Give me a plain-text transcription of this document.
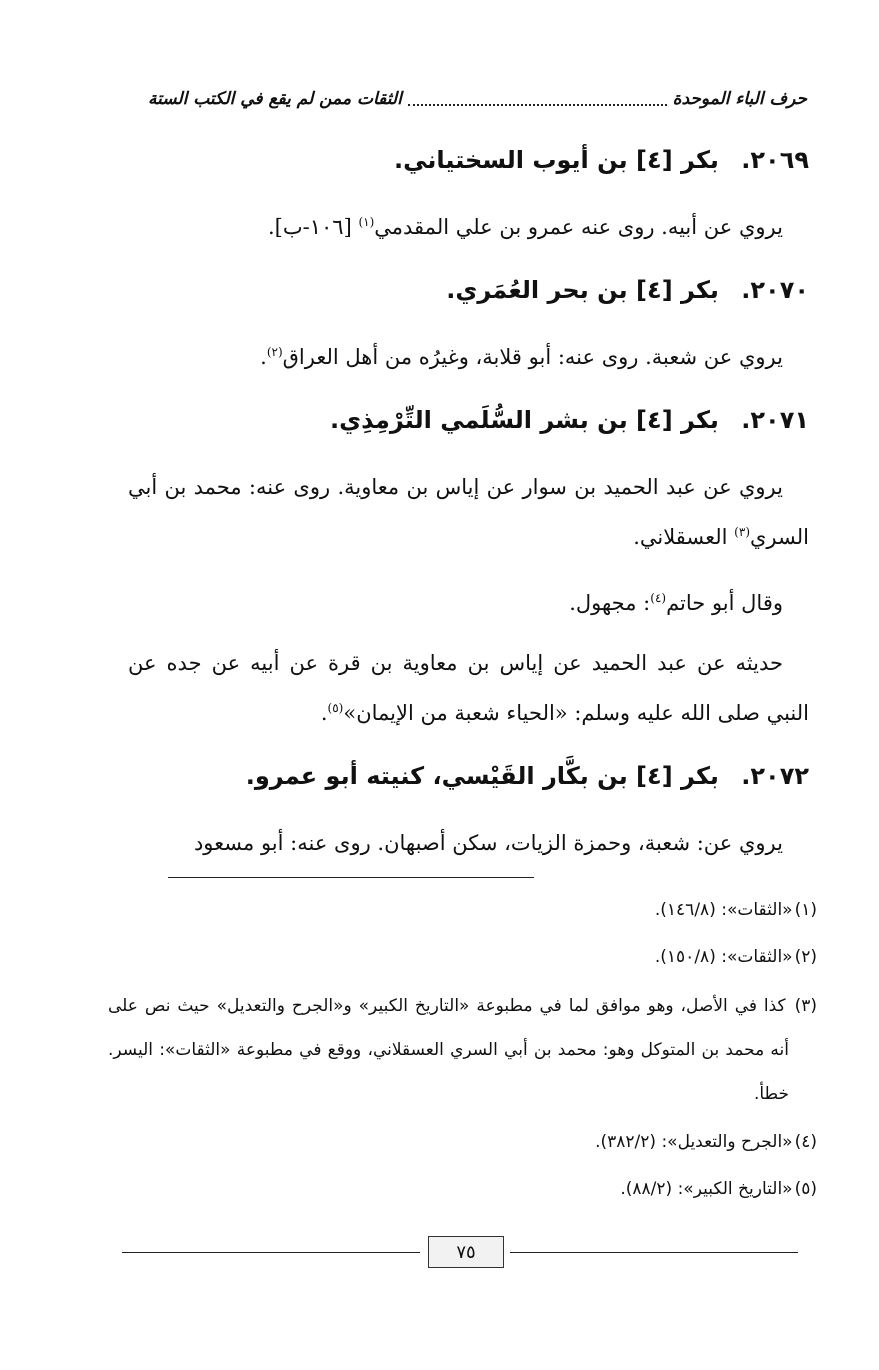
حرف الباء الموحدة
الثقات ممن لم يقع في الكتب الستة
٢٠٦٩. بكر [٤] بن أيوب السختياني.
يروي عن أبيه. روى عنه عمرو بن علي المقدمي$^{(١)}$ [١٠٦-ب].
٢٠٧٠. بكر [٤] بن بحر العُمَري.
يروي عن شعبة. روى عنه: أبو قلابة، وغيرُه من أهل العراق$^{(٢)}$.
٢٠٧١. بكر [٤] بن بشر السُّلَمي التِّرْمِذِي.
يروي عن عبد الحميد بن سوار عن إياس بن معاوية. روى عنه: محمد بن أبي السري$^{(٣)}$ العسقلاني.
وقال أبو حاتم$^{(٤)}$: مجهول.
حديثه عن عبد الحميد عن إياس بن معاوية بن قرة عن أبيه عن جده عن النبي صلى الله عليه وسلم: «الحياء شعبة من الإيمان»$^{(٥)}$.
٢٠٧٢. بكر [٤] بن بكَّار القَيْسي، كنيته أبو عمرو.
يروي عن: شعبة، وحمزة الزيات، سكن أصبهان. روى عنه: أبو مسعود
(١)«الثقات»: (١٤٦/٨).
(٢)«الثقات»: (١٥٠/٨).
(٣) كذا في الأصل، وهو موافق لما في مطبوعة «التاريخ الكبير» و«الجرح والتعديل» حيث نص على أنه محمد بن المتوكل وهو: محمد بن أبي السري العسقلاني، ووقع في مطبوعة «الثقات»: اليسر. خطأ.
(٤)«الجرح والتعديل»: (٣٨٢/٢).
(٥)«التاريخ الكبير»: (٨٨/٢).
٧٥
